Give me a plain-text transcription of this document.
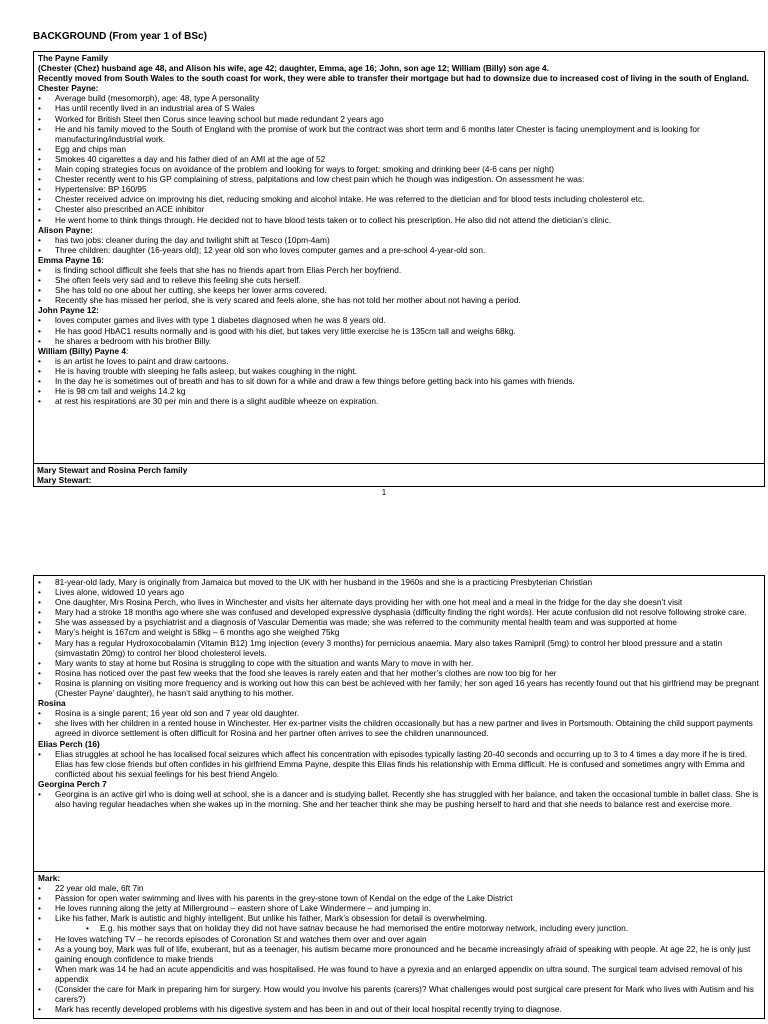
BACKGROUND (From year 1 of BSc)
The Payne Family
(Chester (Chez) husband age 48, and Alison his wife, age 42; daughter, Emma, age 16; John, son age 12; William (Billy) son age 4.
Recently moved from South Wales to the south coast for work, they were able to transfer their mortgage but had to downsize due to increased cost of living in the south of England.
Chester Payne:
• Average build (mesomorph), age: 48, type A personality
• Has until recently lived in an industrial area of S Wales
• Worked for British Steel then Corus since leaving school but made redundant 2 years ago
• He and his family moved to the South of England with the promise of work but the contract was short term and 6 months later Chester is facing unemployment and is looking for manufacturing/industrial work.
• Egg and chips man
• Smokes 40 cigarettes a day and his father died of an AMI at the age of 52
• Main coping strategies focus on avoidance of the problem and looking for ways to forget: smoking and drinking beer (4-6 cans per night)
• Chester recently went to his GP complaining of stress, palpitations and low chest pain which he though was indigestion. On assessment he was:
• Hypertensive: BP 160/95
• Chester received advice on improving his diet, reducing smoking and alcohol intake. He was referred to the dietician and for blood tests including cholesterol etc.
• Chester also prescribed an ACE inhibitor
• He went home to think things through. He decided not to have blood tests taken or to collect his prescription. He also did not attend the dietician’s clinic.
Alison Payne:
• has two jobs: cleaner during the day and twilight shift at Tesco (10pm-4am)
• Three children: daughter (16-years old); 12 year old son who loves computer games and a pre-school 4-year-old son.
Emma Payne 16:
• is finding school difficult she feels that she has no friends apart from Elias Perch her boyfriend.
• She often feels very sad and to relieve this feeling she cuts herself.
• She has told no one about her cutting, she keeps her lower arms covered.
• Recently she has missed her period, she is very scared and feels alone, she has not told her mother about not having a period.
John Payne 12:
• loves computer games and lives with type 1 diabetes diagnosed when he was 8 years old.
• He has good HbAC1 results normally and is good with his diet, but takes very little exercise he is 135cm tall and weighs 68kg.
• he shares a bedroom with his brother Billy.
William (Billy) Payne 4:
• is an artist he loves to paint and draw cartoons.
• He is having trouble with sleeping he falls asleep, but wakes coughing in the night.
• In the day he is sometimes out of breath and has to sit down for a while and draw a few things before getting back into his games with friends.
• He is 98 cm tall and weighs 14.2 kg
• at rest his respirations are 30 per min and there is a slight audible wheeze on expiration.
Mary Stewart and Rosina Perch family
Mary Stewart:
1
• 81-year-old lady, Mary is originally from Jamaica but moved to the UK with her husband in the 1960s and she is a practicing Presbyterian Christian
• Lives alone, widowed 10 years ago
• One daughter, Mrs Rosina Perch, who lives in Winchester and visits her alternate days providing her with one hot meal and a meal in the fridge for the day she doesn’t visit
• Mary had a stroke 18 months ago where she was confused and developed expressive dysphasia (difficulty finding the right words). Her acute confusion did not resolve following stroke care.
• She was assessed by a psychiatrist and a diagnosis of Vascular Dementia was made; she was referred to the community mental health team and was supported at home
• Mary’s height is 167cm and weight is 58kg – 6 months ago she weighed 75kg
• Mary has a regular Hydroxocobalamin (Vitamin B12) 1mg injection (every 3 months) for pernicious anaemia. Mary also takes Ramipril (5mg) to control her blood pressure and a statin (simvastatin 20mg) to control her blood cholesterol levels.
• Mary wants to stay at home but Rosina is struggling to cope with the situation and wants Mary to move in with her.
• Rosina has noticed over the past few weeks that the food she leaves is rarely eaten and that her mother’s clothes are now too big for her
• Rosina is planning on visiting more frequency and is working out how this can best be achieved with her family; her son aged 16 years has recently found out that his girlfriend may be pregnant (Chester Payne’ daughter), he hasn’t said anything to his mother.
Rosina
• Rosina is a single parent; 16 year old son and 7 year old daughter.
• she lives with her children in a rented house in Winchester. Her ex-partner visits the children occasionally but has a new partner and lives in Portsmouth. Obtaining the child support payments agreed in divorce settlement is often difficult for Rosina and her partner often arrives to see the children unannounced.
Elias Perch (16)
• Elias struggles at school he has localised focal seizures which affect his concentration with episodes typically lasting 20-40 seconds and occurring up to 3 to 4 times a day more if he is tired. Elias has few close friends but often confides in his girlfriend Emma Payne, despite this Elias finds his relationship with Emma difficult. He is confused and sometimes angry with Emma and conflicted about his sexual feelings for his best friend Angelo.
Georgina Perch 7
• Georgina is an active girl who is doing well at school, she is a dancer and is studying ballet. Recently she has struggled with her balance, and taken the occasional tumble in ballet class. She is also having regular headaches when she wakes up in the morning. She and her teacher think she may be pushing herself to hard and that she needs to balance rest and exercise more.
Mark:
• 22 year old male, 6ft 7in
• Passion for open water swimming and lives with his parents in the grey-stone town of Kendal on the edge of the Lake District
• He loves running along the jetty at Millerground – eastern shore of Lake Windermere – and jumping in.
• Like his father, Mark is autistic and highly intelligent. But unlike his father, Mark’s obsession for detail is overwhelming.
• E.g. his mother says that on holiday they did not have satnav because he had memorised the entire motorway network, including every junction.
• He loves watching TV – he records episodes of Coronation St and watches them over and over again
• As a young boy, Mark was full of life, exuberant, but as a teenager, his autism became more pronounced and he became increasingly afraid of speaking with people. At age 22, he is only just gaining enough confidence to make friends
• When mark was 14 he had an acute appendicitis and was hospitalised. He was found to have a pyrexia and an enlarged appendix on ultra sound. The surgical team advised removal of his appendix
• (Consider the care for Mark in preparing him for surgery. How would you involve his parents (carers)? What challenges would post surgical care present for Mark who lives with Autism and his carers?)
• Mark has recently developed problems with his digestive system and has been in and out of their local hospital recently trying to diagnose.
